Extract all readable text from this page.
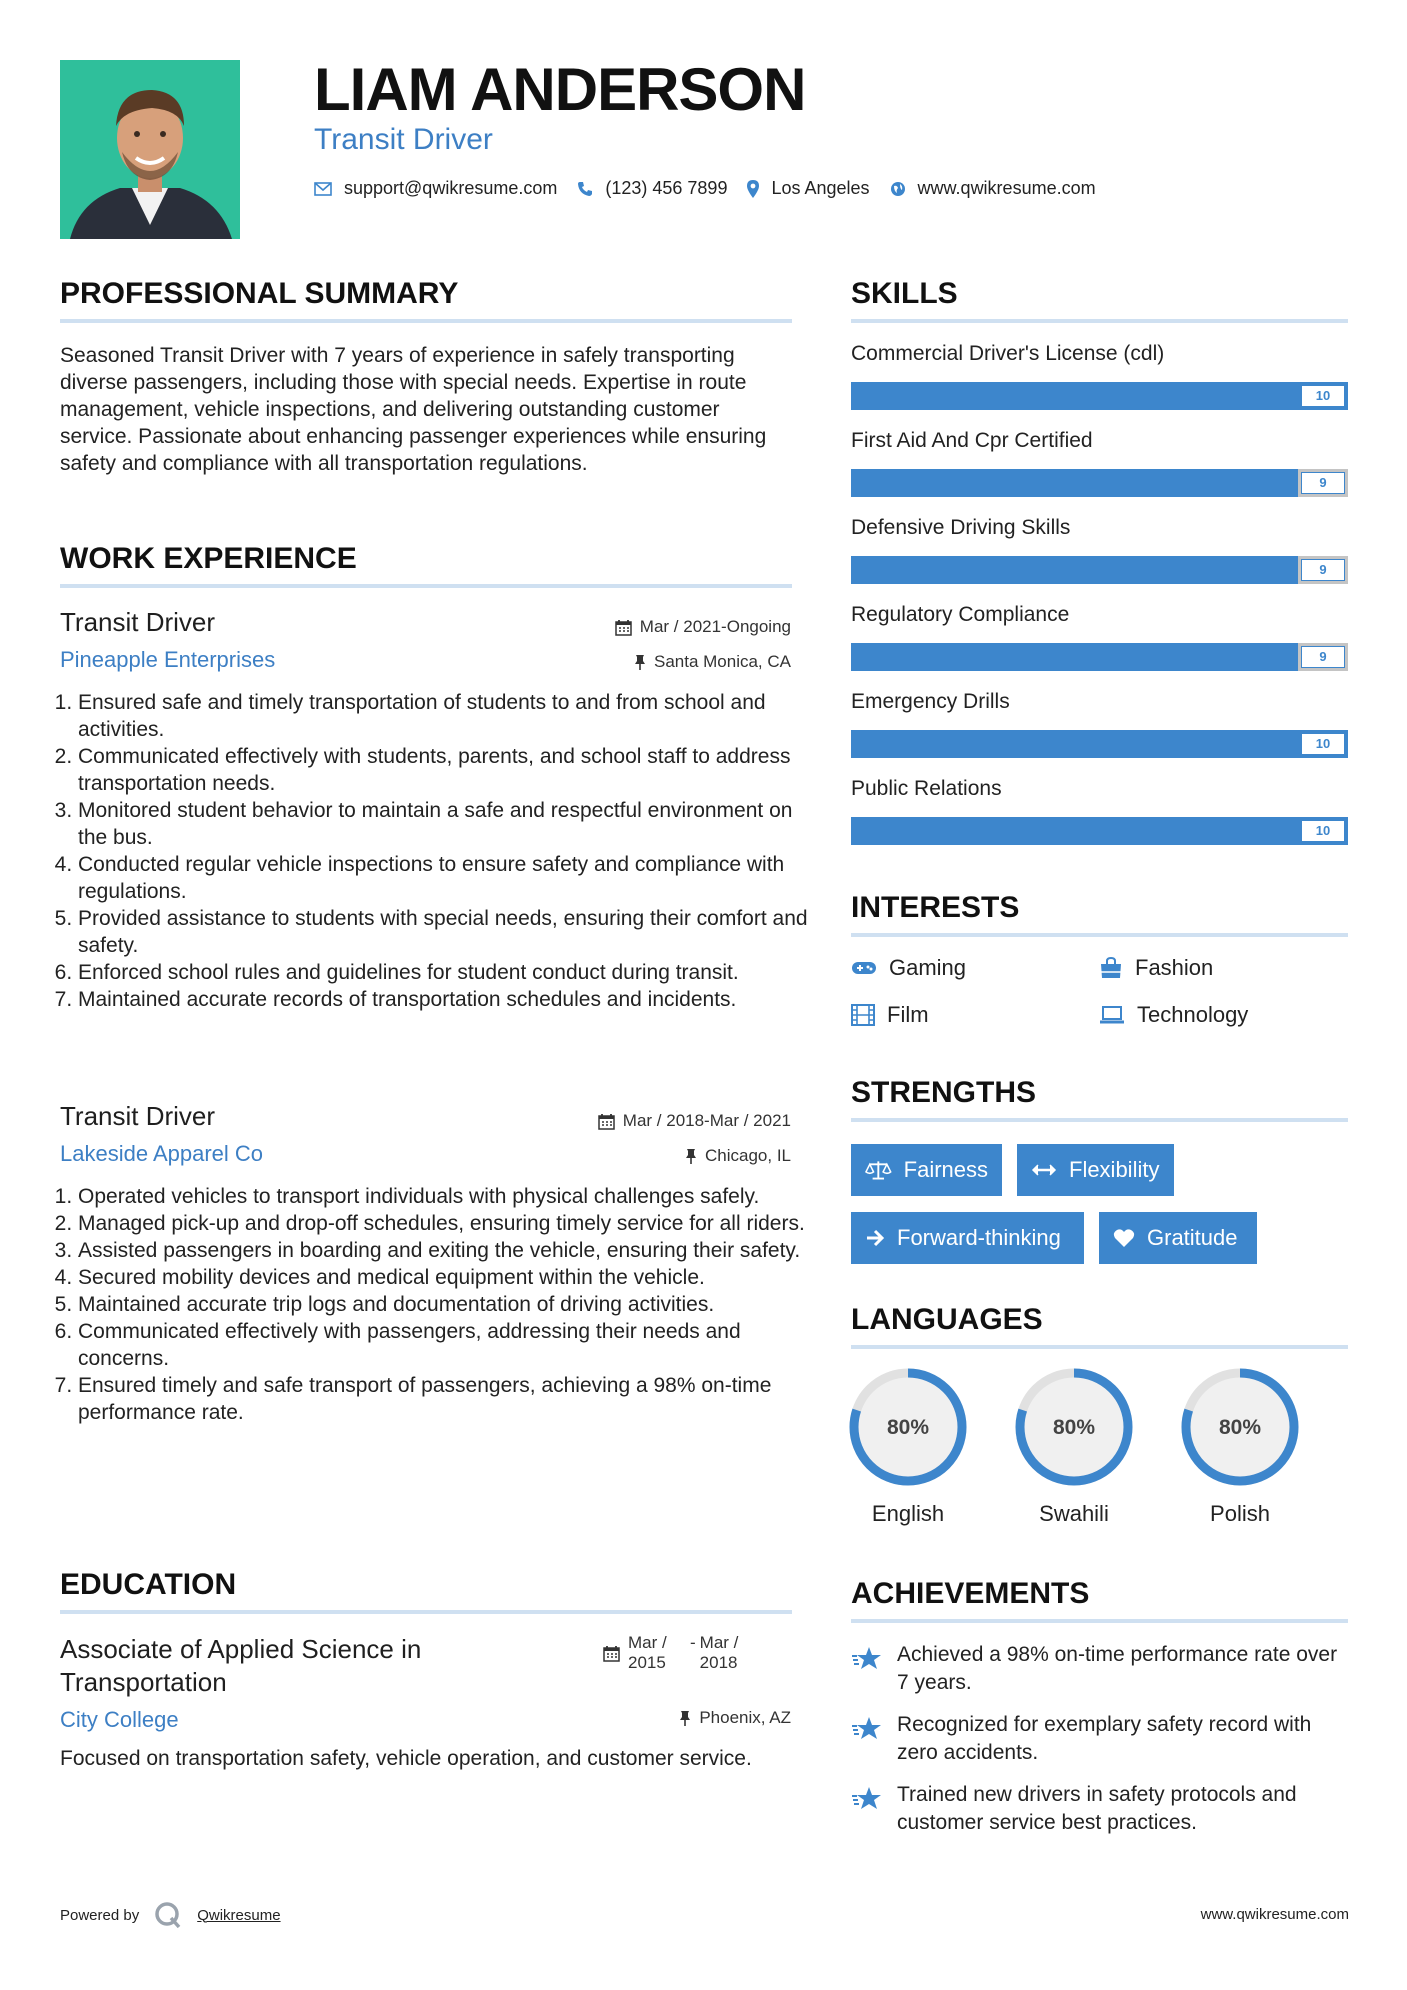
LIAM ANDERSON
Transit Driver
support@qwikresume.com	(123) 456 7899 Los Angeles	www.qwikresume.com
PROFESSIONAL SUMMARY
Seasoned Transit Driver with 7 years of experience in safely transporting diverse passengers, including those with special needs. Expertise in route management, vehicle inspections, and delivering outstanding customer service. Passionate about enhancing passenger experiences while ensuring safety and compliance with all transportation regulations.
WORK EXPERIENCE
Transit Driver	Mar / 2021-Ongoing
Pineapple Enterprises	Santa Monica, CA
1. Ensured safe and timely transportation of students to and from school and activities.
2. Communicated effectively with students, parents, and school staff to address transportation needs.
3. Monitored student behavior to maintain a safe and respectful environment on the bus.
4. Conducted regular vehicle inspections to ensure safety and compliance with regulations.
5. Provided assistance to students with special needs, ensuring their comfort and safety.
6. Enforced school rules and guidelines for student conduct during transit.
7. Maintained accurate records of transportation schedules and incidents.
Transit Driver	Mar / 2018-Mar / 2021
Lakeside Apparel Co	Chicago, IL
1. Operated vehicles to transport individuals with physical challenges safely.
2. Managed pick-up and drop-off schedules, ensuring timely service for all riders.
3. Assisted passengers in boarding and exiting the vehicle, ensuring their safety.
4. Secured mobility devices and medical equipment within the vehicle.
5. Maintained accurate trip logs and documentation of driving activities.
6. Communicated effectively with passengers, addressing their needs and concerns.
7. Ensured timely and safe transport of passengers, achieving a 98% on-time performance rate.
EDUCATION
Associate of Applied Science in Transportation
Mar / 2015
- Mar / 2018
City College	Phoenix, AZ
Focused on transportation safety, vehicle operation, and customer service.
SKILLS
Commercial Driver's License (cdl)
10
First Aid And Cpr Certified
9
Defensive Driving Skills
9
Regulatory Compliance
9
Emergency Drills
10
Public Relations
10
INTERESTS
Gaming	Fashion
Film	Technology
STRENGTHS
Fairness	Flexibility
Forward-thinking	Gratitude
LANGUAGES
80%
English
80%
Swahili
80%
Polish
ACHIEVEMENTS
Achieved a 98% on-time performance rate over 7 years.
Recognized for exemplary safety record with zero accidents.
Trained new drivers in safety protocols and customer service best practices.
Powered by	Qwikresume	www.qwikresume.com
